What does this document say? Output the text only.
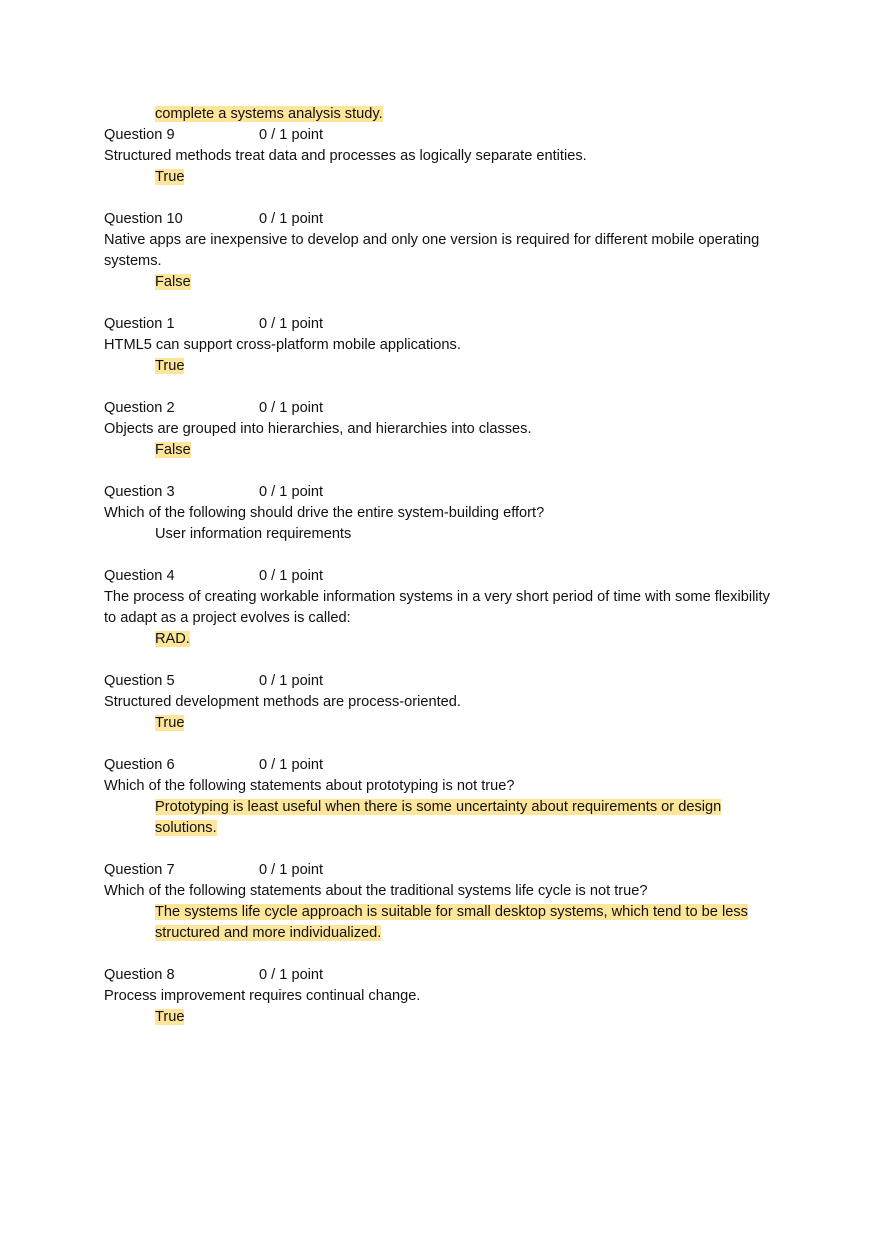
complete a systems analysis study.
Question 9	0 / 1 point
Structured methods treat data and processes as logically separate entities.
True
Question 10	0 / 1 point
Native apps are inexpensive to develop and only one version is required for different mobile operating systems.
False
Question 1	0 / 1 point
HTML5 can support cross-platform mobile applications.
True
Question 2	0 / 1 point
Objects are grouped into hierarchies, and hierarchies into classes.
False
Question 3	0 / 1 point
Which of the following should drive the entire system-building effort?
User information requirements
Question 4	0 / 1 point
The process of creating workable information systems in a very short period of time with some flexibility to adapt as a project evolves is called:
RAD.
Question 5	0 / 1 point
Structured development methods are process-oriented.
True
Question 6	0 / 1 point
Which of the following statements about prototyping is not true?
Prototyping is least useful when there is some uncertainty about requirements or design solutions.
Question 7	0 / 1 point
Which of the following statements about the traditional systems life cycle is not true?
The systems life cycle approach is suitable for small desktop systems, which tend to be less structured and more individualized.
Question 8	0 / 1 point
Process improvement requires continual change.
True
